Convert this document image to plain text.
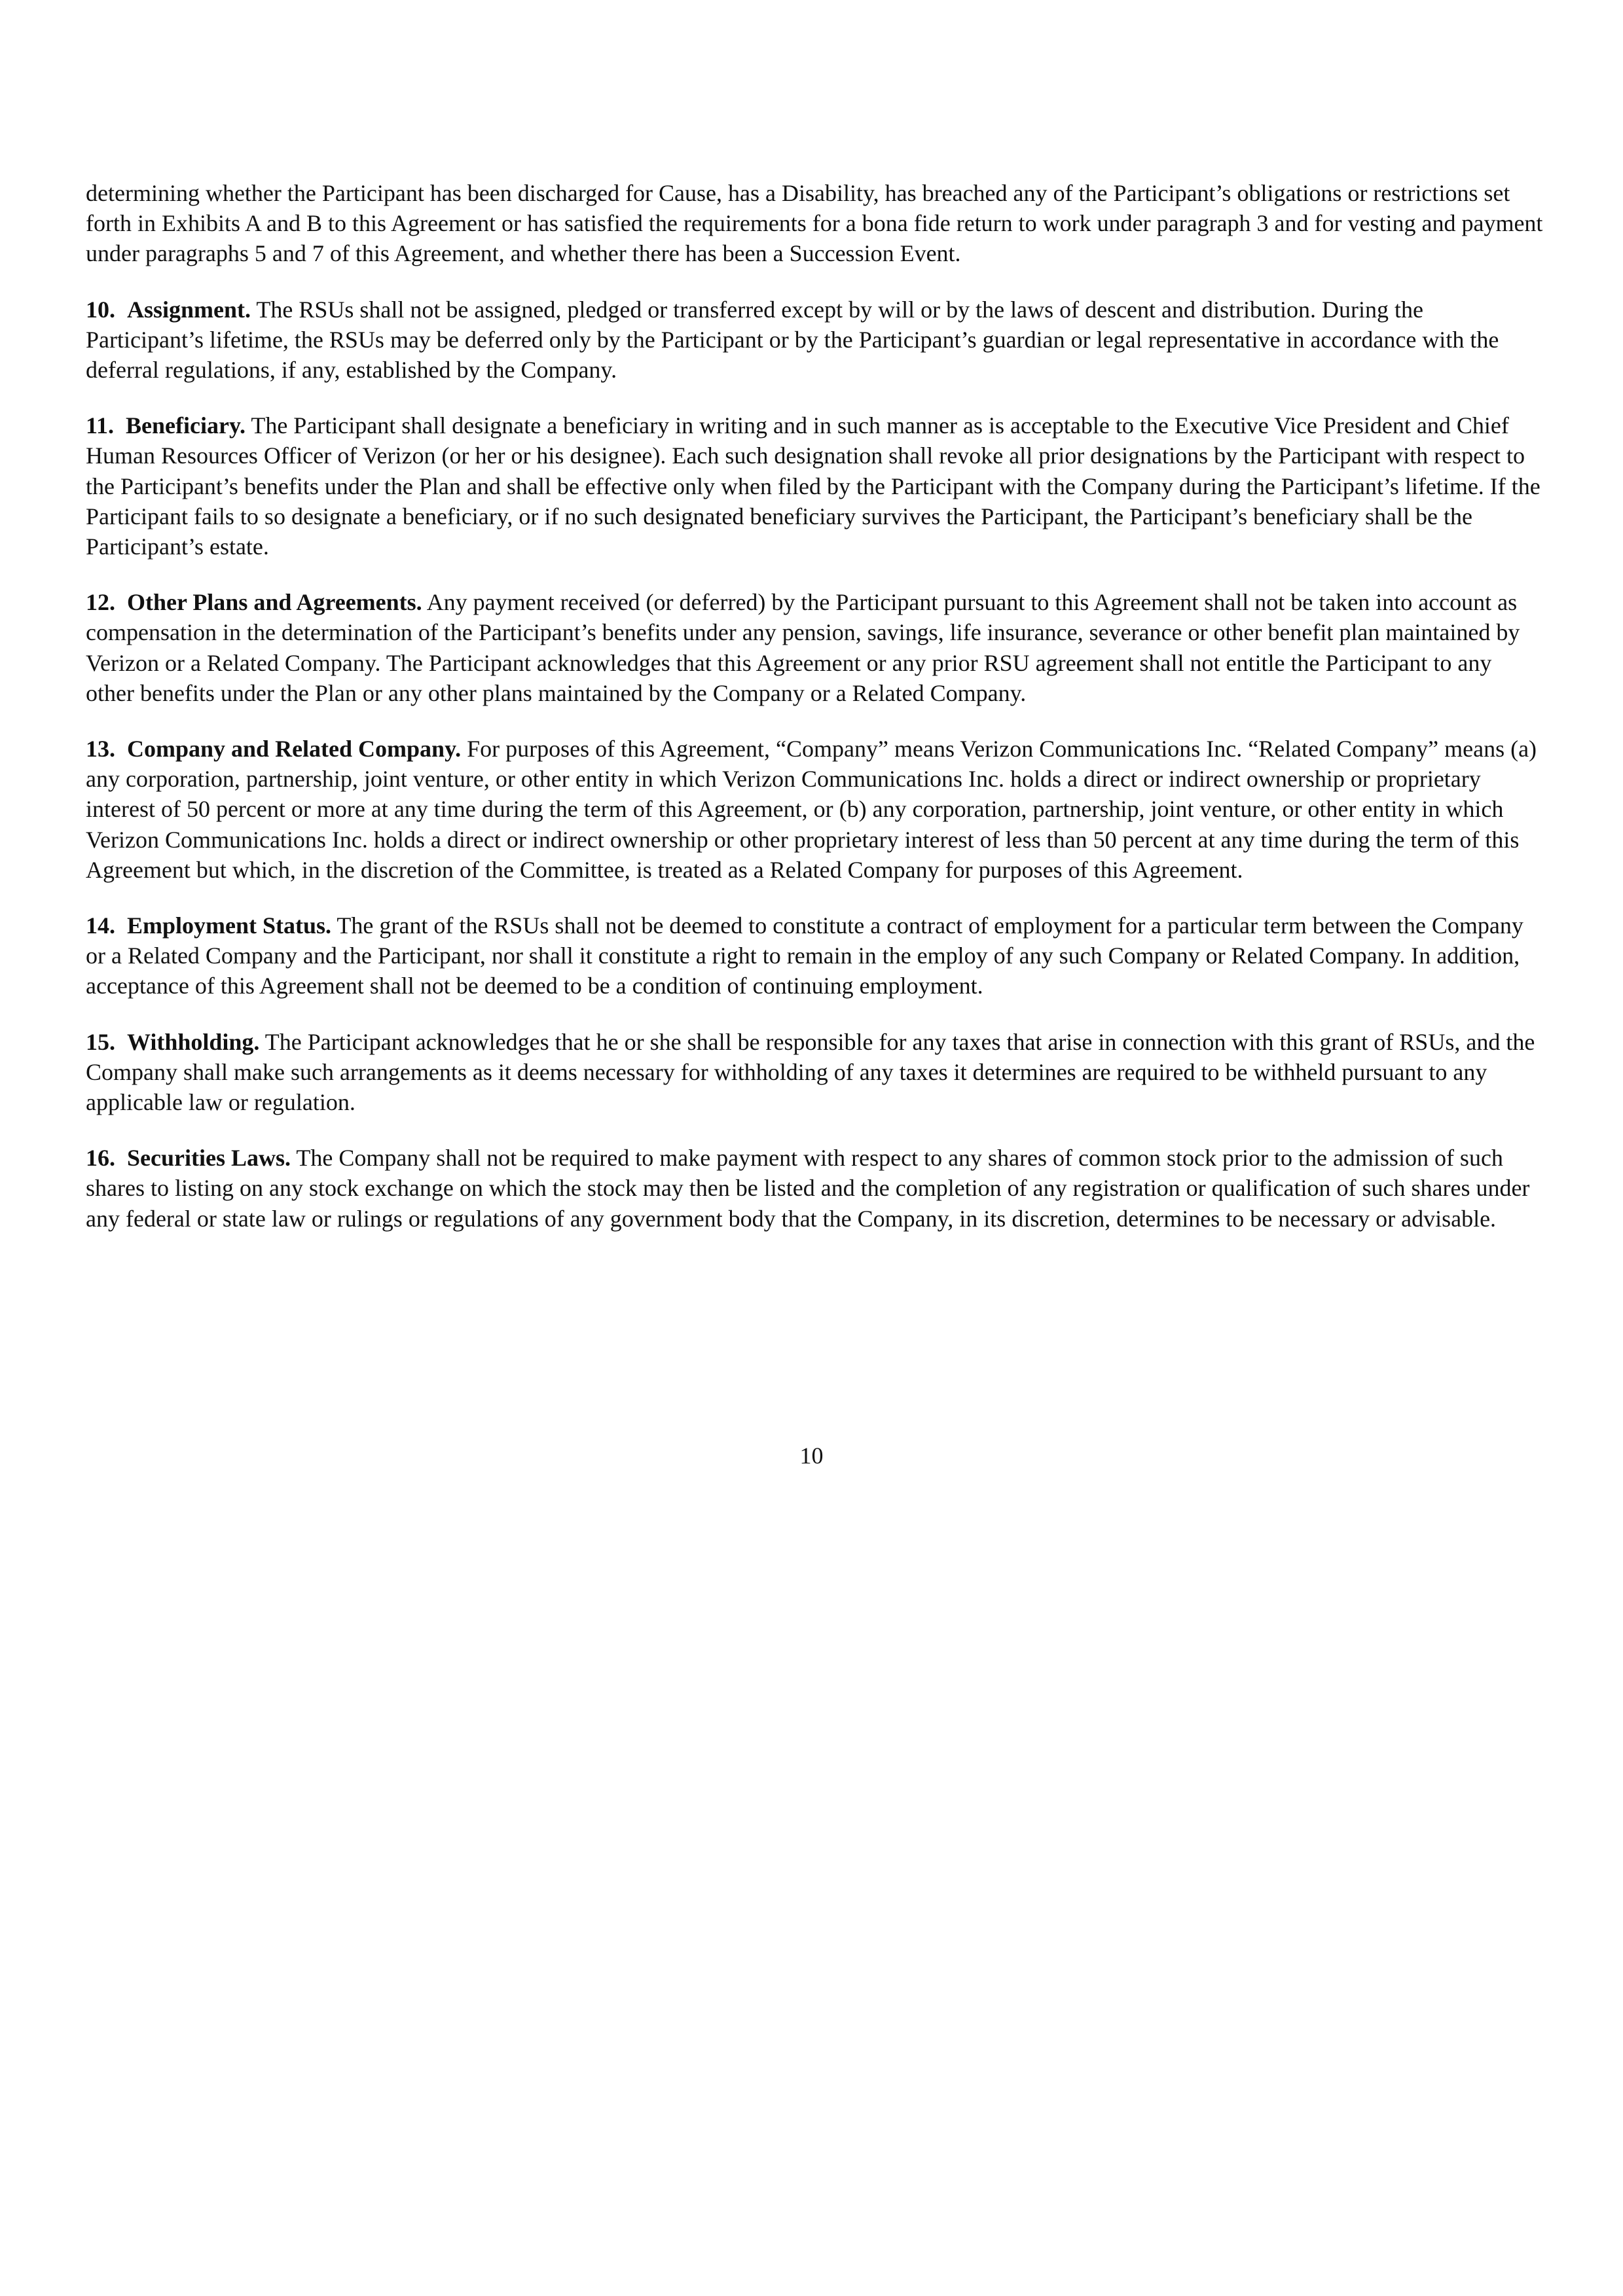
determining whether the Participant has been discharged for Cause, has a Disability, has breached any of the Participant’s obligations or restrictions set forth in Exhibits A and B to this Agreement or has satisfied the requirements for a bona fide return to work under paragraph 3 and for vesting and payment under paragraphs 5 and 7 of this Agreement, and whether there has been a Succession Event.

10. Assignment. The RSUs shall not be assigned, pledged or transferred except by will or by the laws of descent and distribution. During the Participant’s lifetime, the RSUs may be deferred only by the Participant or by the Participant’s guardian or legal representative in accordance with the deferral regulations, if any, established by the Company.

11. Beneficiary. The Participant shall designate a beneficiary in writing and in such manner as is acceptable to the Executive Vice President and Chief Human Resources Officer of Verizon (or her or his designee). Each such designation shall revoke all prior designations by the Participant with respect to the Participant’s benefits under the Plan and shall be effective only when filed by the Participant with the Company during the Participant’s lifetime. If the Participant fails to so designate a beneficiary, or if no such designated beneficiary survives the Participant, the Participant’s beneficiary shall be the Participant’s estate.

12. Other Plans and Agreements. Any payment received (or deferred) by the Participant pursuant to this Agreement shall not be taken into account as compensation in the determination of the Participant’s benefits under any pension, savings, life insurance, severance or other benefit plan maintained by Verizon or a Related Company. The Participant acknowledges that this Agreement or any prior RSU agreement shall not entitle the Participant to any other benefits under the Plan or any other plans maintained by the Company or a Related Company.

13. Company and Related Company. For purposes of this Agreement, “Company” means Verizon Communications Inc. “Related Company” means (a) any corporation, partnership, joint venture, or other entity in which Verizon Communications Inc. holds a direct or indirect ownership or proprietary interest of 50 percent or more at any time during the term of this Agreement, or (b) any corporation, partnership, joint venture, or other entity in which Verizon Communications Inc. holds a direct or indirect ownership or other proprietary interest of less than 50 percent at any time during the term of this Agreement but which, in the discretion of the Committee, is treated as a Related Company for purposes of this Agreement.

14. Employment Status. The grant of the RSUs shall not be deemed to constitute a contract of employment for a particular term between the Company or a Related Company and the Participant, nor shall it constitute a right to remain in the employ of any such Company or Related Company. In addition, acceptance of this Agreement shall not be deemed to be a condition of continuing employment.

15. Withholding. The Participant acknowledges that he or she shall be responsible for any taxes that arise in connection with this grant of RSUs, and the Company shall make such arrangements as it deems necessary for withholding of any taxes it determines are required to be withheld pursuant to any applicable law or regulation.

16. Securities Laws. The Company shall not be required to make payment with respect to any shares of common stock prior to the admission of such shares to listing on any stock exchange on which the stock may then be listed and the completion of any registration or qualification of such shares under any federal or state law or rulings or regulations of any government body that the Company, in its discretion, determines to be necessary or advisable.

10
